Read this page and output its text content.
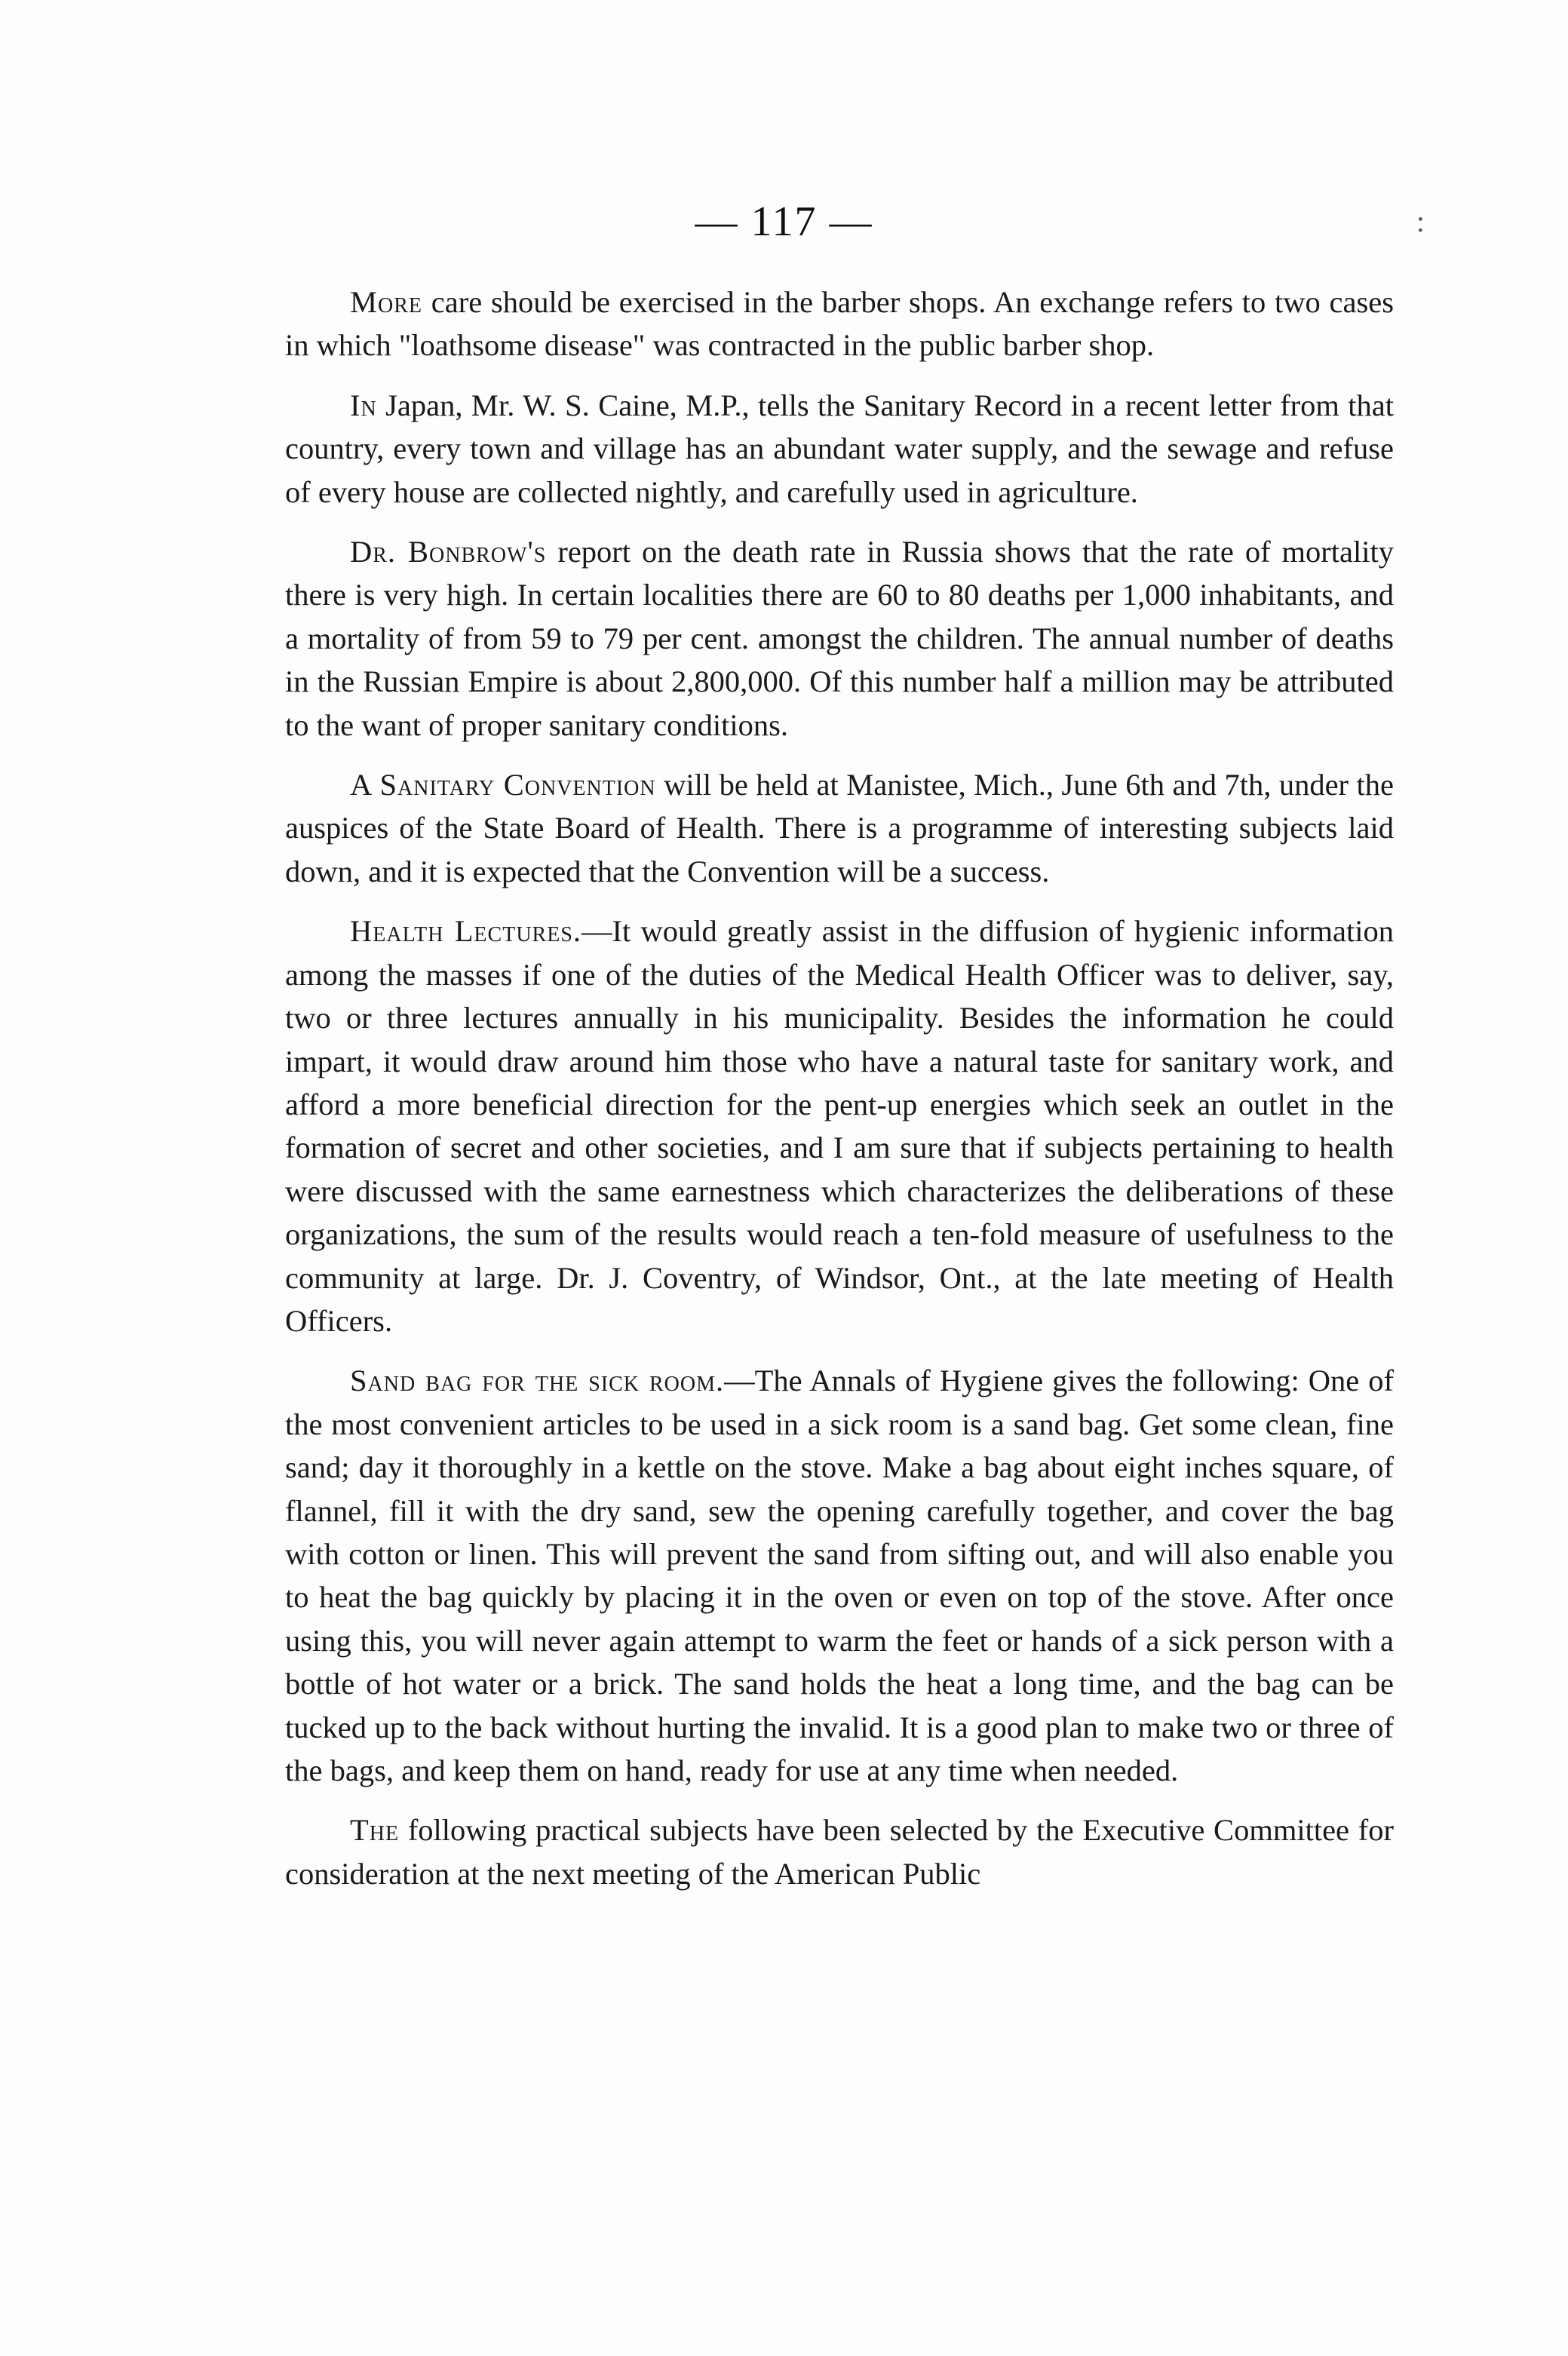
— 117 —	:

More care should be exercised in the barber shops. An exchange refers to two cases in which "loathsome disease" was contracted in the public barber shop.

In Japan, Mr. W. S. Caine, M.P., tells the Sanitary Record in a recent letter from that country, every town and village has an abundant water supply, and the sewage and refuse of every house are collected nightly, and carefully used in agriculture.

Dr. Bonbrow's report on the death rate in Russia shows that the rate of mortality there is very high. In certain localities there are 60 to 80 deaths per 1,000 inhabitants, and a mortality of from 59 to 79 per cent. amongst the children. The annual number of deaths in the Russian Empire is about 2,800,000. Of this number half a million may be attributed to the want of proper sanitary conditions.

A Sanitary Convention will be held at Manistee, Mich., June 6th and 7th, under the auspices of the State Board of Health. There is a programme of interesting subjects laid down, and it is expected that the Convention will be a success.

Health Lectures.—It would greatly assist in the diffusion of hygienic information among the masses if one of the duties of the Medical Health Officer was to deliver, say, two or three lectures annually in his municipality. Besides the information he could impart, it would draw around him those who have a natural taste for sanitary work, and afford a more beneficial direction for the pent-up energies which seek an outlet in the formation of secret and other societies, and I am sure that if subjects pertaining to health were discussed with the same earnestness which characterizes the deliberations of these organizations, the sum of the results would reach a ten-fold measure of usefulness to the community at large. Dr. J. Coventry, of Windsor, Ont., at the late meeting of Health Officers.

Sand bag for the sick room.—The Annals of Hygiene gives the following: One of the most convenient articles to be used in a sick room is a sand bag. Get some clean, fine sand; day it thoroughly in a kettle on the stove. Make a bag about eight inches square, of flannel, fill it with the dry sand, sew the opening carefully together, and cover the bag with cotton or linen. This will prevent the sand from sifting out, and will also enable you to heat the bag quickly by placing it in the oven or even on top of the stove. After once using this, you will never again attempt to warm the feet or hands of a sick person with a bottle of hot water or a brick. The sand holds the heat a long time, and the bag can be tucked up to the back without hurting the invalid. It is a good plan to make two or three of the bags, and keep them on hand, ready for use at any time when needed.

The following practical subjects have been selected by the Executive Committee for consideration at the next meeting of the American Public
